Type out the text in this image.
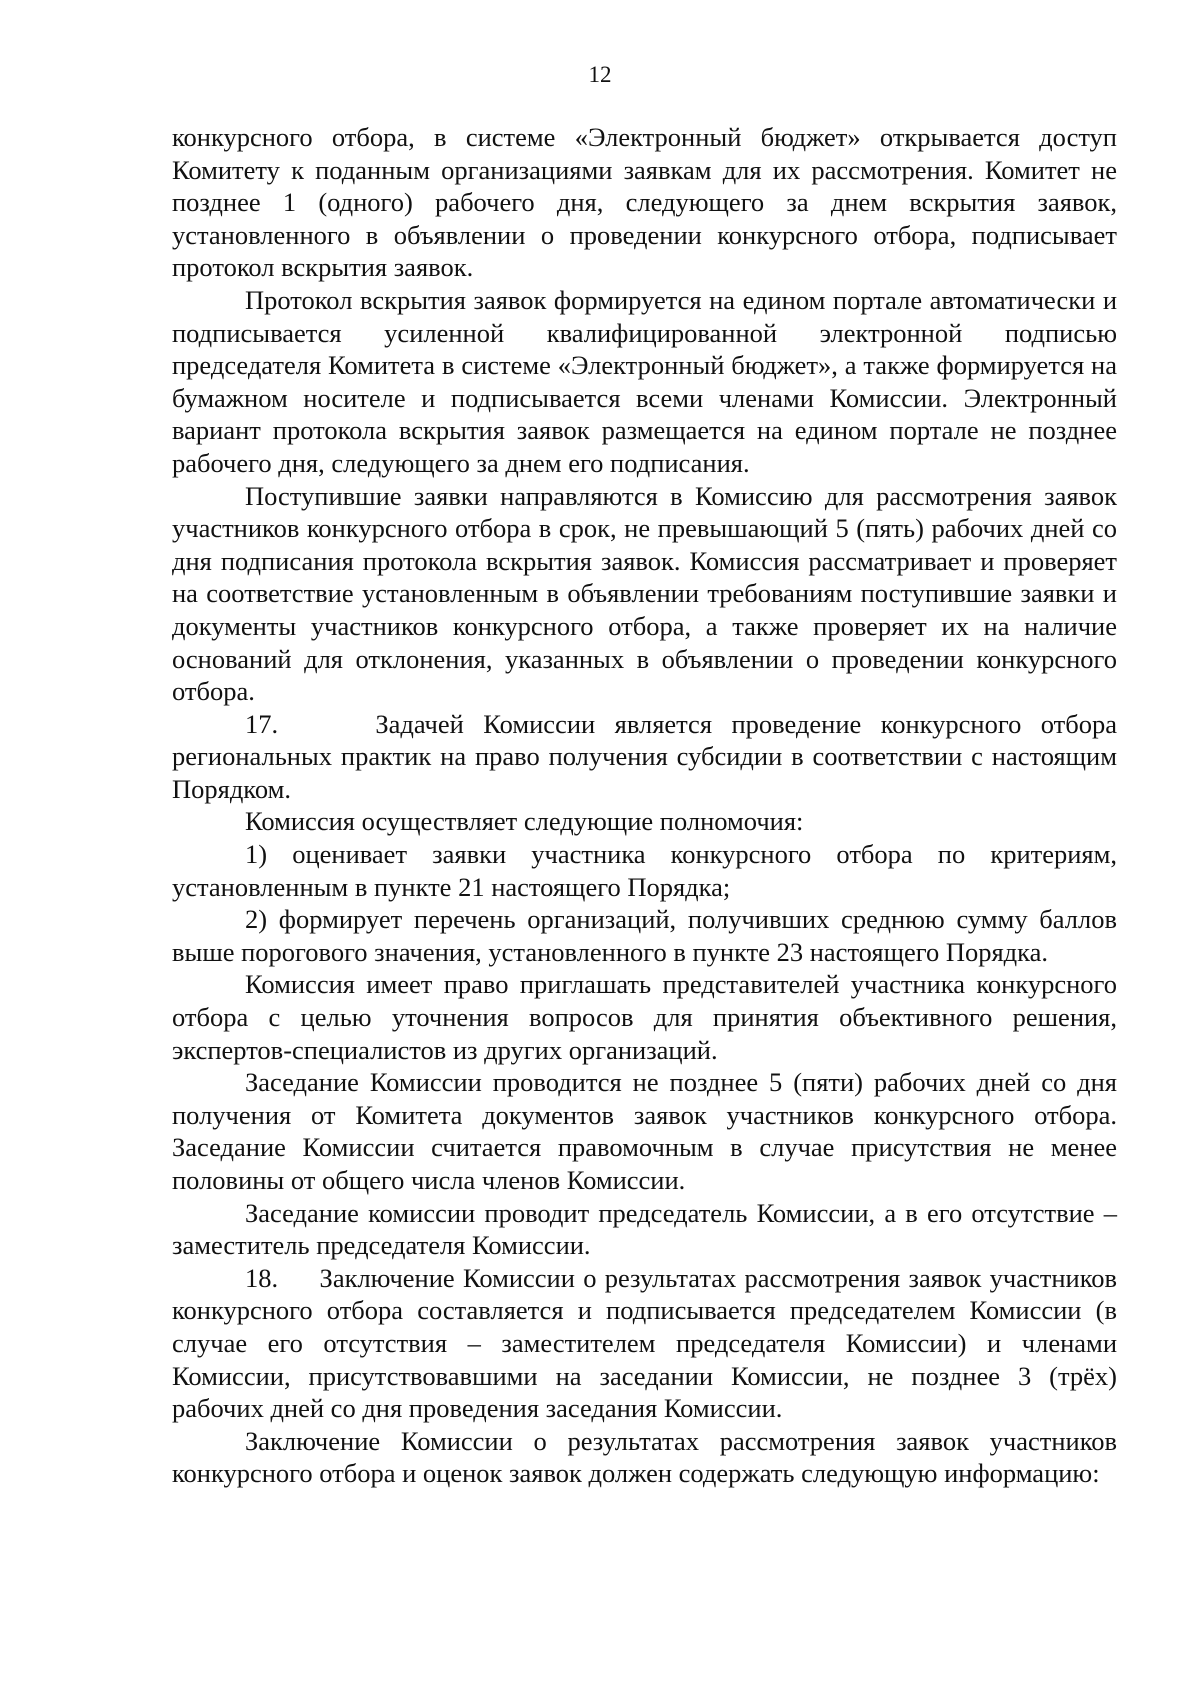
12

конкурсного отбора, в системе «Электронный бюджет» открывается доступ Комитету к поданным организациями заявкам для их рассмотрения. Комитет не позднее 1 (одного) рабочего дня, следующего за днем вскрытия заявок, установленного в объявлении о проведении конкурсного отбора, подписывает протокол вскрытия заявок.

Протокол вскрытия заявок формируется на едином портале автоматически и подписывается усиленной квалифицированной электронной подписью председателя Комитета в системе «Электронный бюджет», а также формируется на бумажном носителе и подписывается всеми членами Комиссии. Электронный вариант протокола вскрытия заявок размещается на едином портале не позднее рабочего дня, следующего за днем его подписания.

Поступившие заявки направляются в Комиссию для рассмотрения заявок участников конкурсного отбора в срок, не превышающий 5 (пять) рабочих дней со дня подписания протокола вскрытия заявок. Комиссия рассматривает и проверяет на соответствие установленным в объявлении требованиям поступившие заявки и документы участников конкурсного отбора, а также проверяет их на наличие оснований для отклонения, указанных в объявлении о проведении конкурсного отбора.

17.     Задачей Комиссии является проведение конкурсного отбора региональных практик на право получения субсидии в соответствии с настоящим Порядком.

Комиссия осуществляет следующие полномочия:

1) оценивает заявки участника конкурсного отбора по критериям, установленным в пункте 21 настоящего Порядка;

2) формирует перечень организаций, получивших среднюю сумму баллов выше порогового значения, установленного в пункте 23 настоящего Порядка.

Комиссия имеет право приглашать представителей участника конкурсного отбора с целью уточнения вопросов для принятия объективного решения, экспертов-специалистов из других организаций.

Заседание Комиссии проводится не позднее 5 (пяти) рабочих дней со дня получения от Комитета документов заявок участников конкурсного отбора. Заседание Комиссии считается правомочным в случае присутствия не менее половины от общего числа членов Комиссии.

Заседание комиссии проводит председатель Комиссии, а в его отсутствие – заместитель председателя Комиссии.

18.     Заключение Комиссии о результатах рассмотрения заявок участников конкурсного отбора составляется и подписывается председателем Комиссии (в случае его отсутствия – заместителем председателя Комиссии) и членами Комиссии, присутствовавшими на заседании Комиссии, не позднее 3 (трёх) рабочих дней со дня проведения заседания Комиссии.

Заключение Комиссии о результатах рассмотрения заявок участников конкурсного отбора и оценок заявок должен содержать следующую информацию:
